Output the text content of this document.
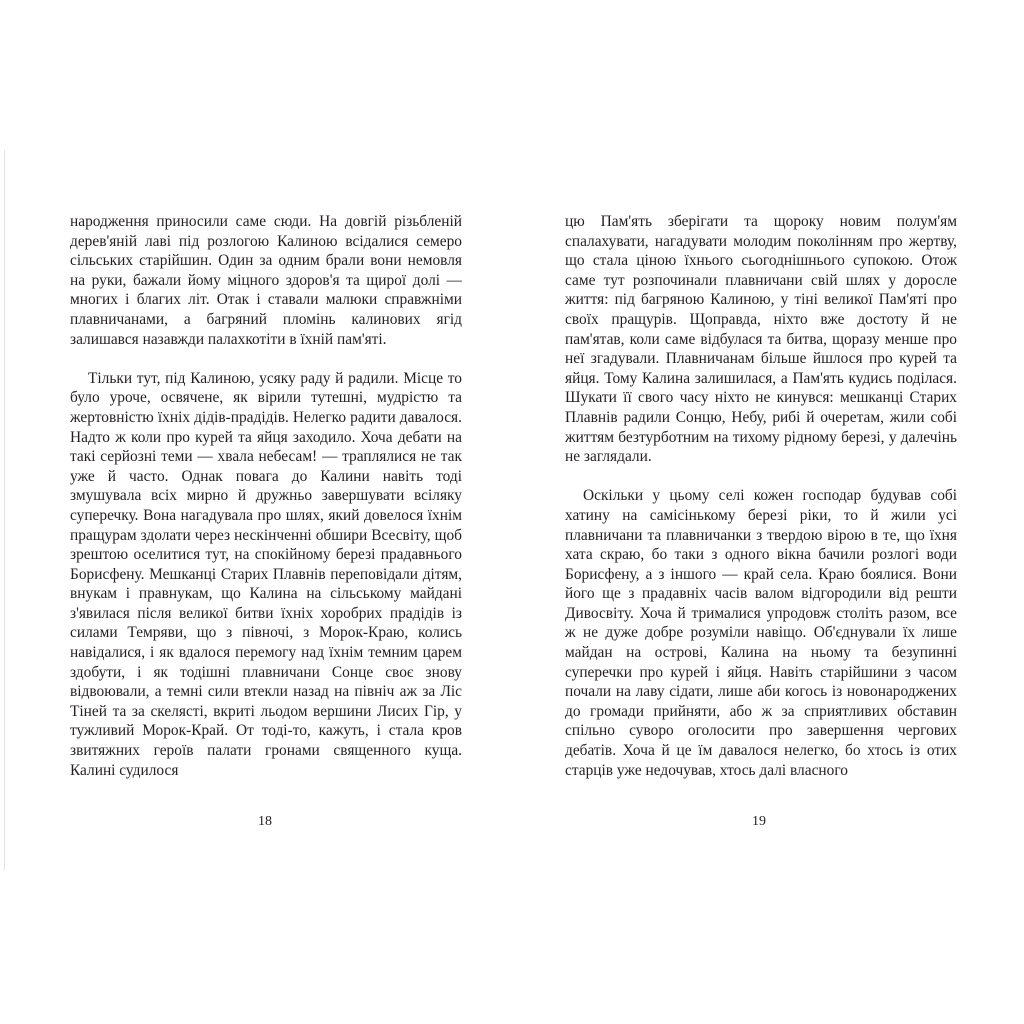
народження приносили саме сюди. На довгій різьбленій дерев'яній лаві під розлогою Калиною всідалися семеро сільських старійшин. Один за одним брали вони немовля на руки, бажали йому міцного здоров'я та щирої долі — многих і благих літ. Отак і ставали малюки справжніми плавничанами, а багряний пломінь калинових ягід залишався назавжди палахкотіти в їхній пам'яті.

Тільки тут, під Калиною, усяку раду й радили. Місце то було уроче, освячене, як вірили тутешні, мудрістю та жертовністю їхніх дідів-прадідів. Нелегко радити давалося. Надто ж коли про курей та яйця заходило. Хоча дебати на такі серйозні теми — хвала небесам! — траплялися не так уже й часто. Однак повага до Калини навіть тоді змушувала всіх мирно й дружньо завершувати всіляку суперечку. Вона нагадувала про шлях, який довелося їхнім пращурам здолати через нескінченні обшири Всесвіту, щоб зрештою оселитися тут, на спокійному березі прадавнього Борисфену. Мешканці Старих Плавнів переповідали дітям, внукам і правнукам, що Калина на сільському майдані з'явилася після великої битви їхніх хоробрих прадідів із силами Темряви, що з півночі, з Морок-Краю, колись навідалися, і як вдалося перемогу над їхнім темним царем здобути, і як тодішні плавничани Сонце своє знову відвоювали, а темні сили втекли назад на північ аж за Ліс Тіней та за скелясті, вкриті льодом вершини Лисих Гір, у тужливий Морок-Край. От тоді-то, кажуть, і стала кров звитяжних героїв палати гронами священного куща. Калині судилося

цю Пам'ять зберігати та щороку новим полум'ям спалахувати, нагадувати молодим поколінням про жертву, що стала ціною їхнього сьогоднішнього супокою. Отож саме тут розпочинали плавничани свій шлях у доросле життя: під багряною Калиною, у тіні великої Пам'яті про своїх пращурів. Щоправда, ніхто вже достоту й не пам'ятав, коли саме відбулася та битва, щоразу менше про неї згадували. Плавничанам більше йшлося про курей та яйця. Тому Калина залишилася, а Пам'ять кудись поділася. Шукати її свого часу ніхто не кинувся: мешканці Старих Плавнів радили Сонцю, Небу, рибі й очеретам, жили собі життям безтурботним на тихому рідному березі, у далечінь не заглядали.

Оскільки у цьому селі кожен господар будував собі хатину на самісінькому березі ріки, то й жили усі плавничани та плавничанки з твердою вірою в те, що їхня хата скраю, бо таки з одного вікна бачили розлогі води Борисфену, а з іншого — край села. Краю боялися. Вони його ще з прадавніх часів валом відгородили від решти Дивосвіту. Хоча й трималися упродовж століть разом, все ж не дуже добре розуміли навіщо. Об'єднували їх лише майдан на острові, Калина на ньому та безупинні суперечки про курей і яйця. Навіть старійшини з часом почали на лаву сідати, лише аби когось із новонароджених до громади прийняти, або ж за сприятливих обставин спільно суворо оголосити про завершення чергових дебатів. Хоча й це їм давалося нелегко, бо хтось із отих старців уже недочував, хтось далі власного

18	19
